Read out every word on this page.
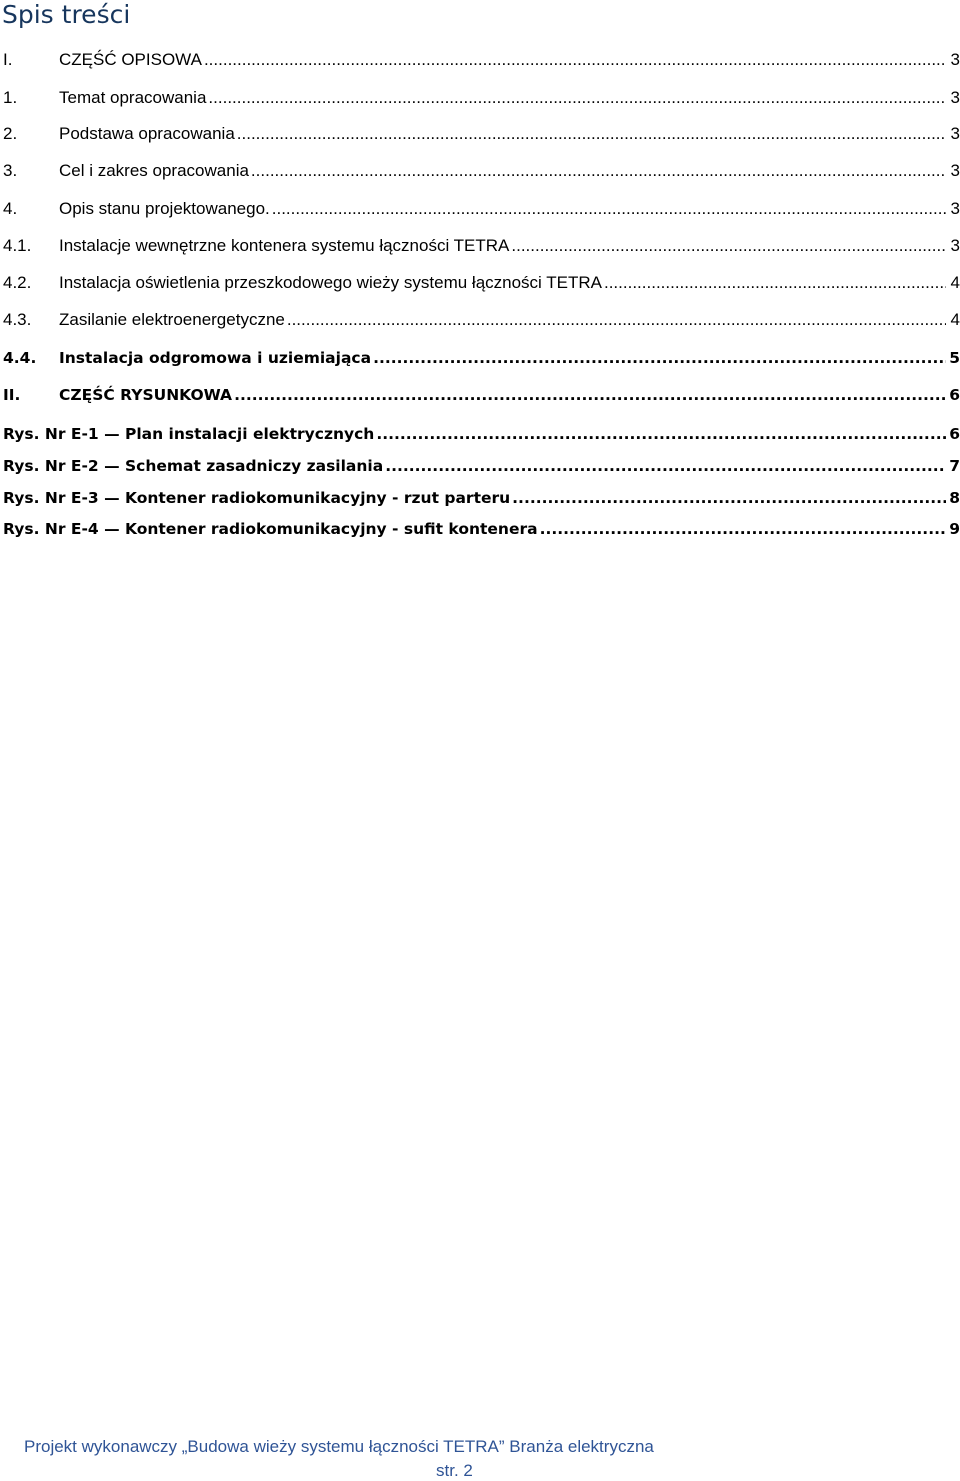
Spis treści
I.	CZĘŚĆ OPISOWA .....	3
1.	Temat opracowania .....	3
2.	Podstawa opracowania .....	3
3.	Cel i zakres opracowania .....	3
4.	Opis stanu projektowanego. .....	3
4.1.	Instalacje wewnętrzne kontenera systemu łączności TETRA .....	3
4.2.	Instalacja oświetlenia przeszkodowego wieży systemu łączności TETRA .....	4
4.3.	Zasilanie elektroenergetyczne .....	4
4.4.	Instalacja odgromowa i uziemiająca .....	5
II.	CZĘŚĆ RYSUNKOWA .....	6
Rys. Nr E-1 — Plan instalacji elektrycznych .....	6
Rys. Nr E-2 — Schemat zasadniczy zasilania .....	7
Rys. Nr E-3 — Kontener radiokomunikacyjny - rzut parteru .....	8
Rys. Nr E-4 — Kontener radiokomunikacyjny - sufit kontenera .....	9
Projekt wykonawczy „Budowa wieży systemu łączności TETRA” Branża elektryczna
str. 2
